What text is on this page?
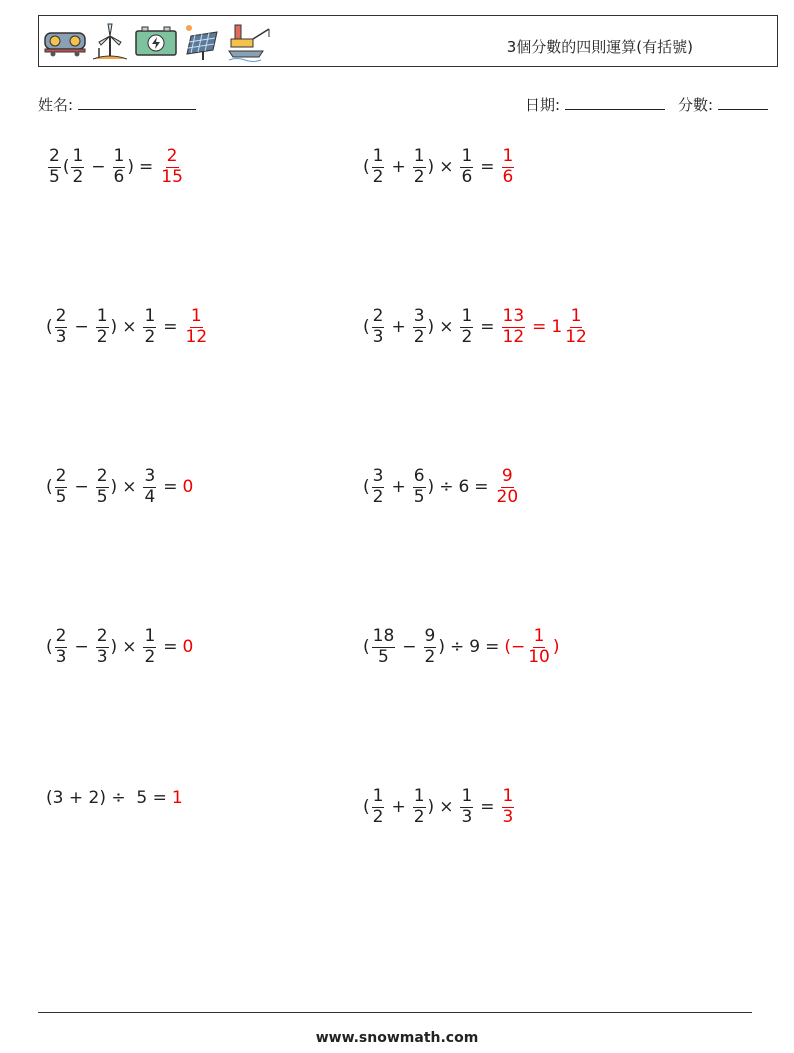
3個分數的四則運算(有括號)
姓名:	日期:	分數:
$\frac{2}{5}$ ( $\frac{1}{2} - \frac{1}{6}$ ) = $\frac{2}{15}$	( $\frac{1}{2} + \frac{1}{2}$ ) × $\frac{1}{6} = \frac{1}{6}$
( $\frac{2}{3} - \frac{1}{2}$ ) × $\frac{1}{2} = \frac{1}{12}$	( $\frac{2}{3} + \frac{3}{2}$ ) × $\frac{1}{2} = \frac{13}{12} = 1 \frac{1}{12}$
( $\frac{2}{5} - \frac{2}{5}$ ) × $\frac{3}{4} = 0$	( $\frac{3}{2} + \frac{6}{5}$ ) ÷ $6 = \frac{9}{20}$
( $\frac{2}{3} - \frac{2}{3}$ ) × $\frac{1}{2} = 0$	( $\frac{18}{5} - \frac{9}{2}$ ) ÷ 9 = (− $\frac{1}{10}$ )
(3 + 2) ÷  5 = 1	( $\frac{1}{2} + \frac{1}{2}$ ) × $\frac{1}{3} = \frac{1}{3}$
www.snowmath.com
